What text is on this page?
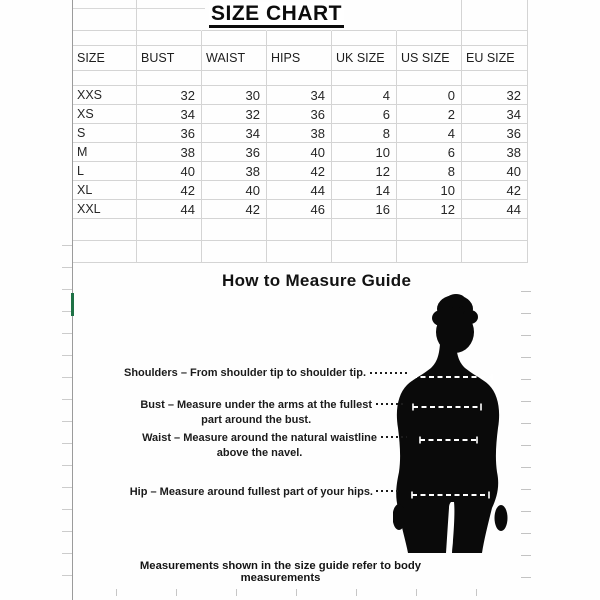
SIZE CHART
SIZE	BUST	WAIST	HIPS	UK SIZE	US SIZE	EU SIZE
XXS	32	30	34	4	0	32
XS	34	32	36	6	2	34
S	36	34	38	8	4	36
M	38	36	40	10	6	38
L	40	38	42	12	8	40
XL	42	40	44	14	10	42
XXL	44	42	46	16	12	44
How to Measure Guide
Shoulders – From shoulder tip to shoulder tip.
Bust – Measure under the arms at the fullest
part around the bust.
Waist – Measure around the natural waistline
above the navel.
Hip – Measure around fullest part of your hips.
Measurements shown in the size guide refer to body measurements
